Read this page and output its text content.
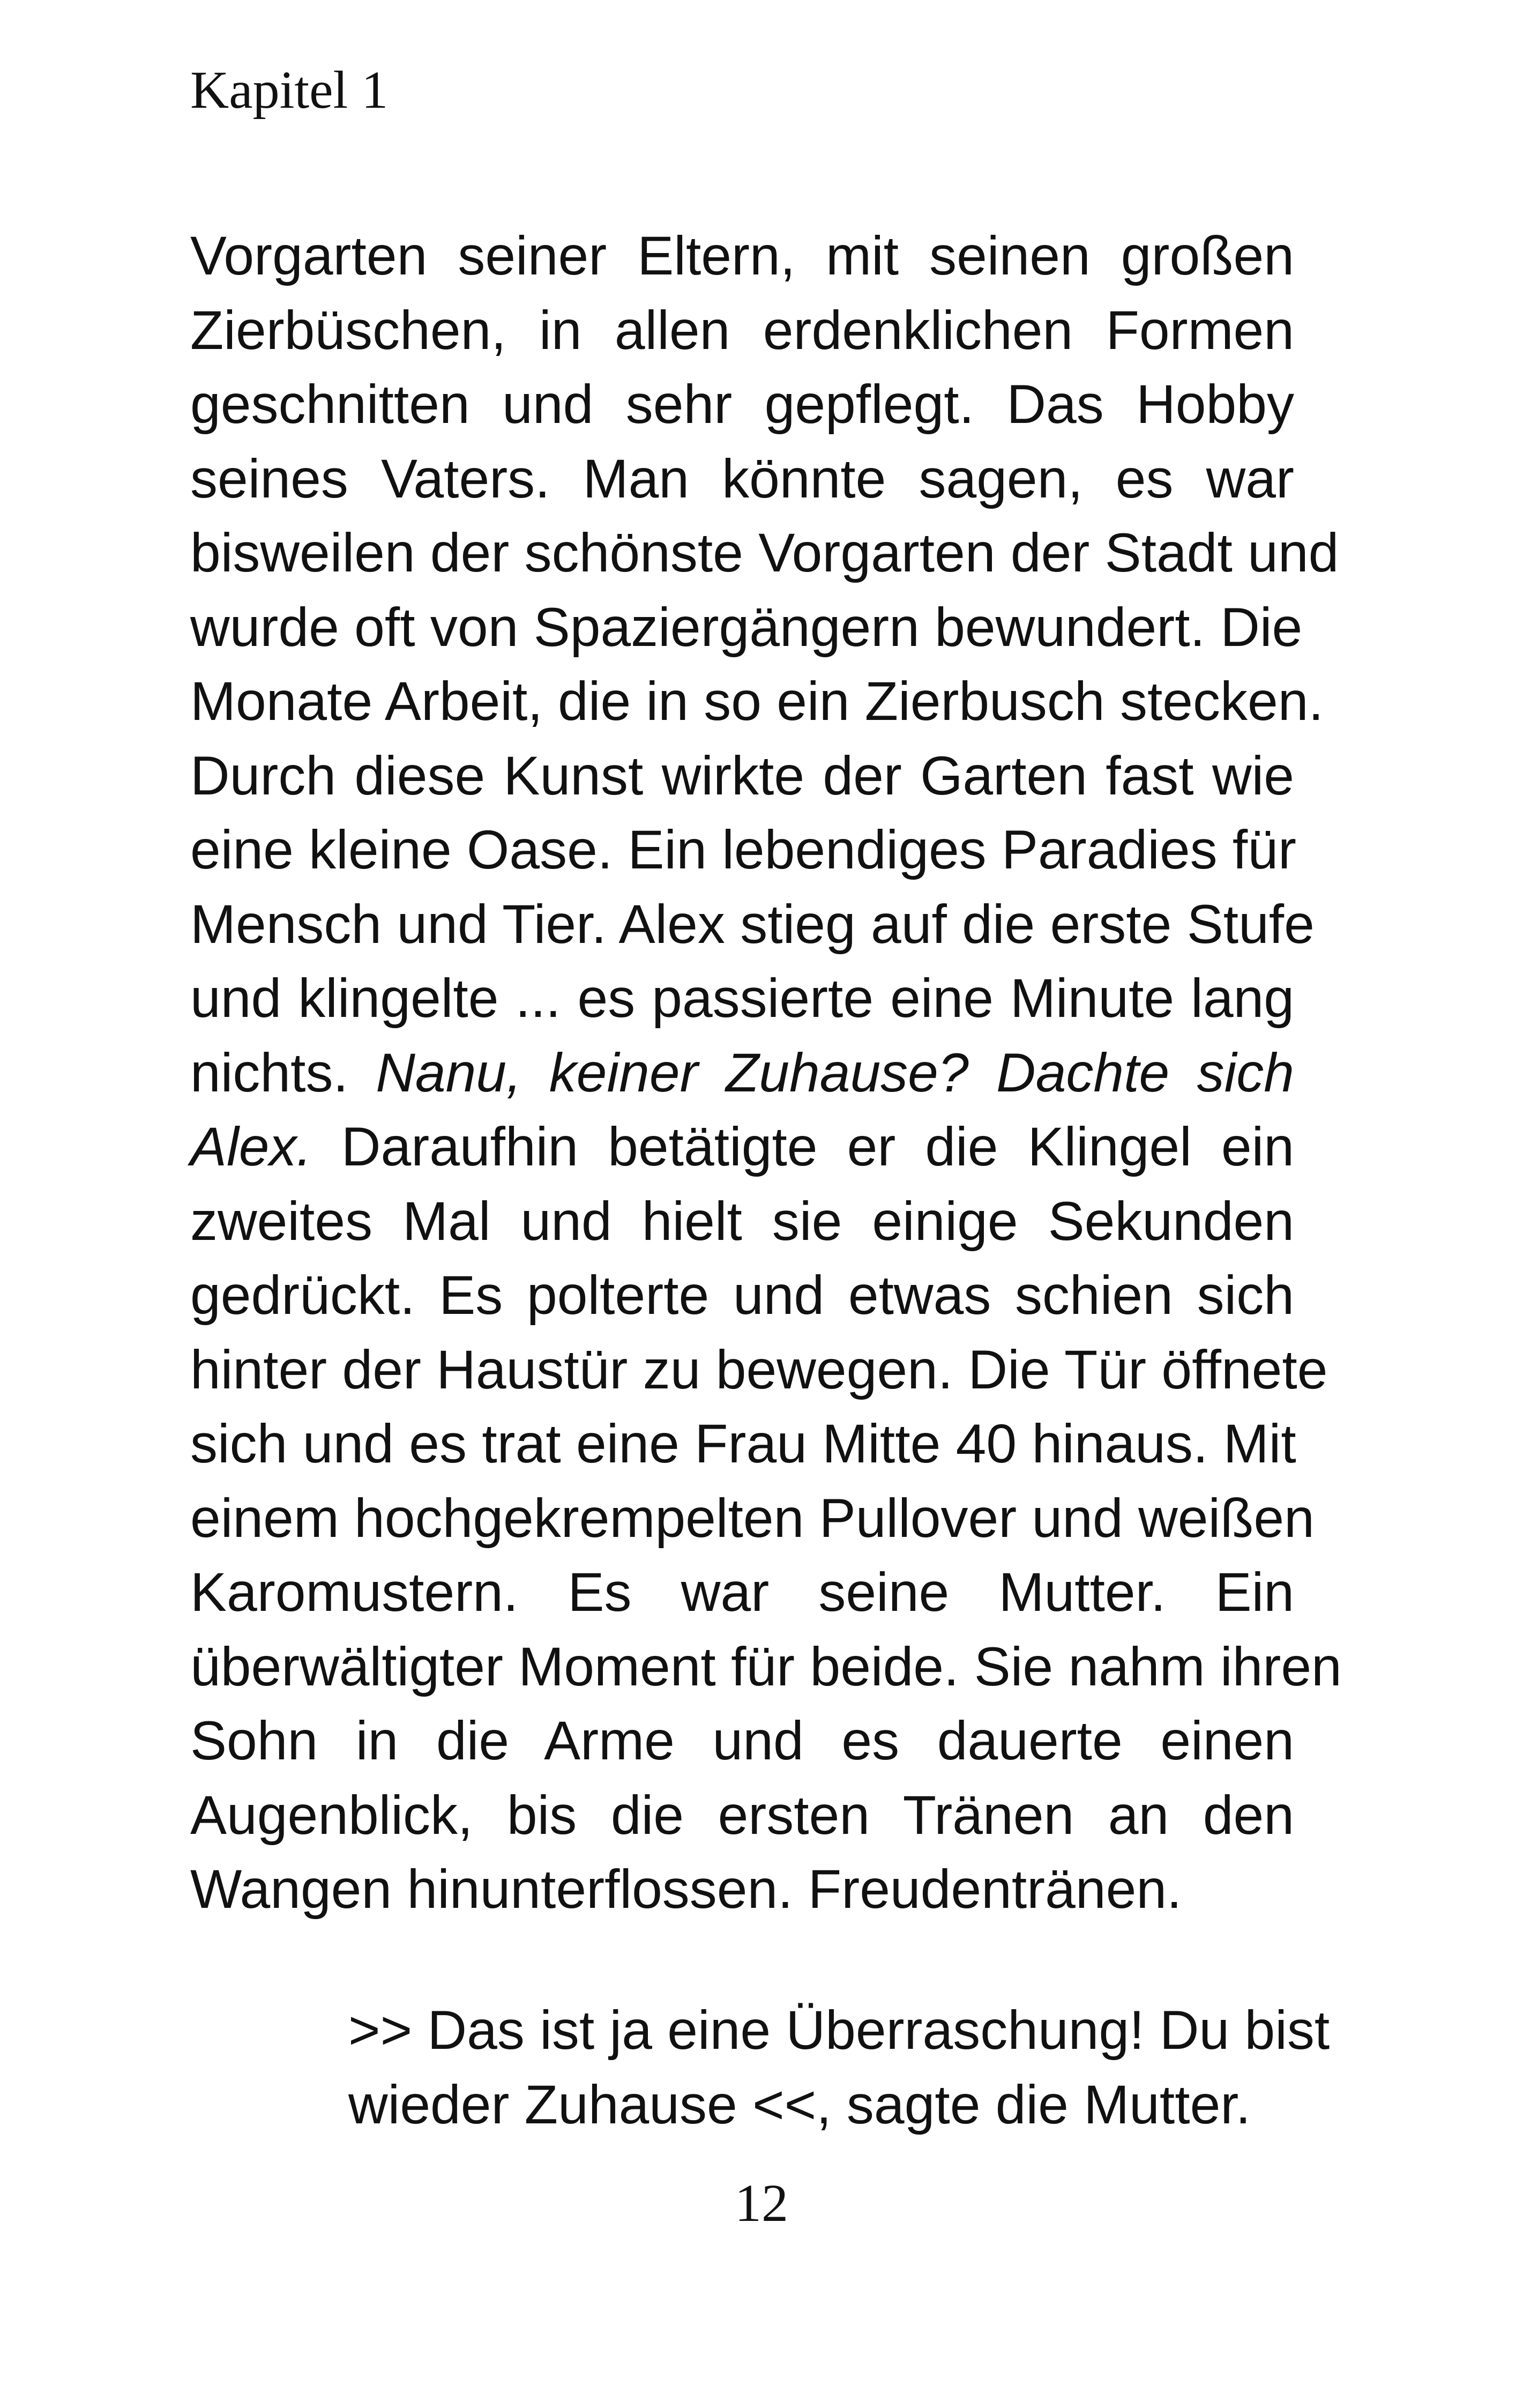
Kapitel 1
Vorgarten seiner Eltern, mit seinen großen
Zierbüschen, in allen erdenklichen Formen
geschnitten und sehr gepflegt. Das Hobby
seines Vaters. Man könnte sagen, es war
bisweilen der schönste Vorgarten der Stadt und
wurde oft von Spaziergängern bewundert. Die
Monate Arbeit, die in so ein Zierbusch stecken.
Durch diese Kunst wirkte der Garten fast wie
eine kleine Oase. Ein lebendiges Paradies für
Mensch und Tier. Alex stieg auf die erste Stufe
und klingelte ... es passierte eine Minute lang
nichts. Nanu, keiner Zuhause? Dachte sich
Alex. Daraufhin betätigte er die Klingel ein
zweites Mal und hielt sie einige Sekunden
gedrückt. Es polterte und etwas schien sich
hinter der Haustür zu bewegen. Die Tür öffnete
sich und es trat eine Frau Mitte 40 hinaus. Mit
einem hochgekrempelten Pullover und weißen
Karomustern. Es war seine Mutter. Ein
überwältigter Moment für beide. Sie nahm ihren
Sohn in die Arme und es dauerte einen
Augenblick, bis die ersten Tränen an den
Wangen hinunterflossen. Freudentränen.
>> Das ist ja eine Überraschung! Du bist
wieder Zuhause <<, sagte die Mutter.
12
